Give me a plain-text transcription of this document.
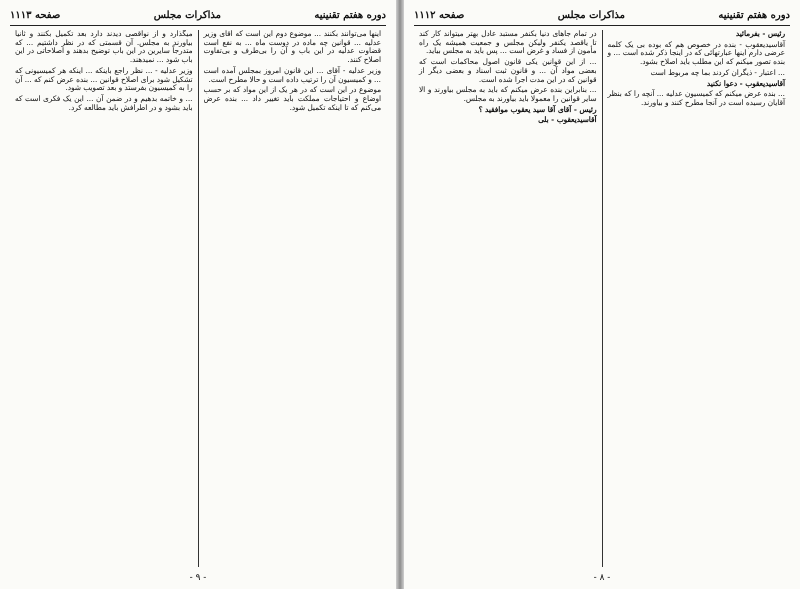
دوره هفتم تقنینیه
مذاکرات مجلس
صفحه ۱۱۱۳

اینها می‌توانند بکنند ... موضوع دوم این است که آقای وزیر عدلیه ... قوانین چه ماده در دوست ماه ... به نفع است قضاوت عدلیه در این باب و آن را بی‌طرف و بی‌تفاوت اصلاح کنند.

وزیر عدلیه - آقای ... این قانون امروز بمجلس آمده است ... و کمیسیون آن را ترتیب داده است و حالا مطرح است.

موضوع در این است که در هر یک از این مواد که بر حسب اوضاع و احتیاجات مملکت باید تغییر داد ... بنده عرض می‌کنم که تا اینکه تکمیل شود.

میگذارد و از نواقصی دیدند دارد بعد تکمیل بکنند و ثانیاً بیاورند به مجلس. آن قسمتی که در نظر داشتیم ... که متدرجاً سایرین در این باب توضیح بدهند و اصلاحاتی در این باب شود ... نمیدهند.

وزیر عدلیه - ... نظر راجع باینکه ... اینکه هر کمیسیونی که تشکیل شود برای اصلاح قوانین ... بنده عرض کنم که ... آن را به کمیسیون بفرستد و بعد تصویب شود.

... و خاتمه بدهیم و در ضمن آن ... این یک فکری است که باید بشود و در اطرافش باید مطالعه کرد.

- ۹ -
دوره هفتم تقنینیه
مذاکرات مجلس
صفحه ۱۱۱۲

رئیس - بفرمائید

آقاسیدیعقوب - بنده در خصوص هم که بوده بی یک کلمه عرضی دارم اینها عبارتهائی که در اینجا ذکر شده است ... و بنده تصور میکنم که این مطلب باید اصلاح بشود.

... اعتبار - ذیگران کردند بما چه مربوط است

آقاسیدیعقوب - دعوا نکنید

... بنده عرض میکنم که کمیسیون عدلیه ... آنچه را که بنظر آقایان رسیده است در آنجا مطرح کنند و بیاورند.

در تمام جاهای دنیا بکنفر مستبد عادل بهتر میتواند کار کند تا یاقصد یکنفر ولیکن مجلس و جمعیت همیشه یک راه مأمون از فساد و غرض است ... پس باید به مجلس بیاید.

... از این قوانین یکی قانون اصول محاکمات است که بعضی مواد آن ... و قانون ثبت اسناد و بعضی دیگر از قوانین که در این مدت اجرا شده است.

... بنابراین بنده عرض میکنم که باید به مجلس بیاورند و الا سایر قوانین را معمولا باید بیاورند به مجلس.

رئیس - آقای آقا سید یعقوب موافقید ؟

آقاسیدیعقوب - بلی

- ۸ -
